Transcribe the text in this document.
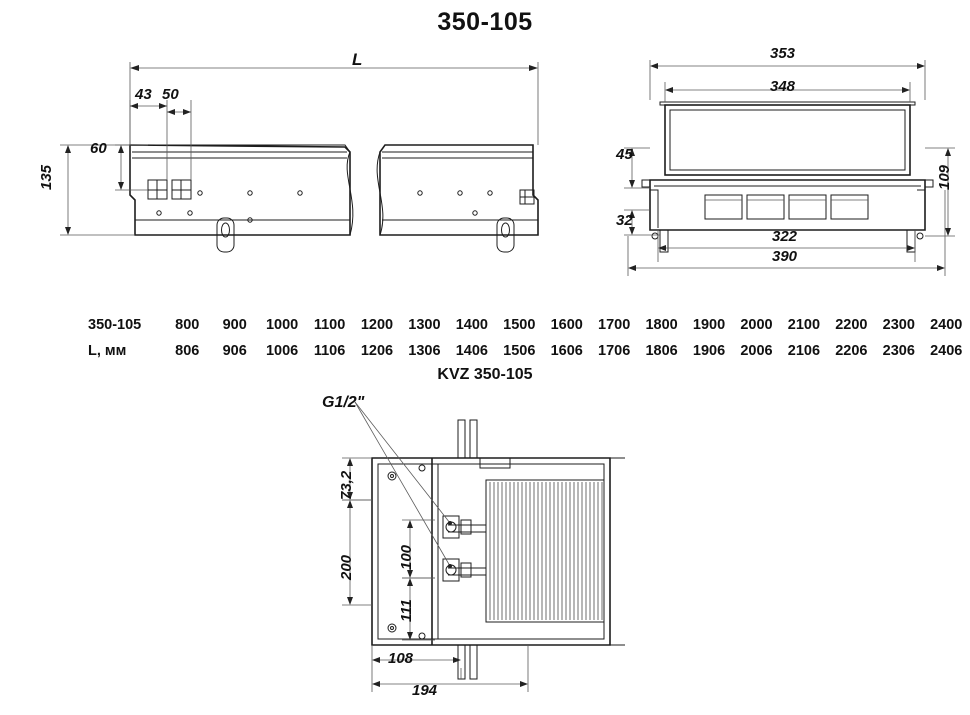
350-105
L
43 50
60
135
353
348
322
390
45
32
109
350-105	800	900	1000	1100	1200	1300	1400	1500	1600	1700	1800	1900	2000	2100	2200	2300	2400
L, мм	806	906	1006	1106	1206	1306	1406	1506	1606	1706	1806	1906	2006	2106	2206	2306	2406
KVZ 350-105
G1/2"
73,2
200	100
111
108
194
